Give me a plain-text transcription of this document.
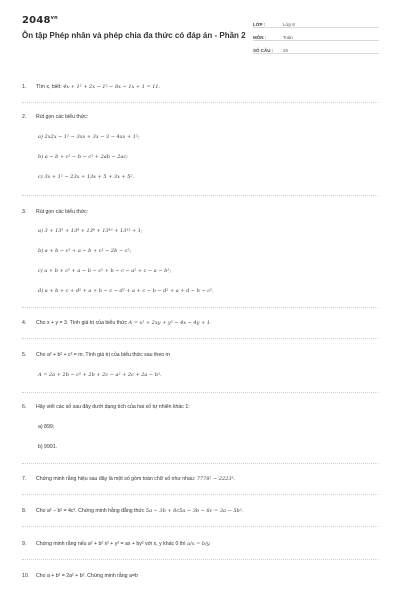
$2048^{vn}$
Ôn tập Phép nhân và phép chia đa thức có đáp án - Phần 2
LỚP :	Lớp 8
MÔN :	Toán
SỐ CÂU :	25
1. Tìm x, biết: 4x + 1² + 2x − 1² − 8x − 1x + 1 = 11.
2. Rút gọn các biểu thức:
a) 2x2x − 1² − 3xx + 3x − 3 − 4xx + 1²;
b) a − b + c² − b − c² + 2ab − 2ac;
c) 3x + 1² − 23x + 13x + 5 + 3x + 5².
3. Rút gọn các biểu thức:
a) 3 + 13² + 13⁴ + 13⁸ + 13¹⁶ + 13³² + 1;
b) a + b − c² + a − b + c² − 2b − c²;
c) a + b + c² + a − b − c² + b − c − a² + c − a − b²;
d) a + b + c + d² + a + b − c − d² + a + c − b − d² + a + d − b − c².
4. Cho x + y = 3. Tính giá trị của biểu thức A = x² + 2xy + y² − 4x − 4y + 1.
5. Cho a² + b² + c² = m. Tính giá trị của biểu thức sau theo m
A = 2a + 2b − c² + 2b + 2c − a² + 2c + 2a − b².
6. Hãy viết các số sau đây dưới dạng tích của hai số tự nhiên khác 1:
a) 899;
b) 9991.
7. Chứng minh rằng hiệu sau đây là một số gồm toàn chữ số như nhau: 7778² − 2223².
8. Cho a² − b² = 4c². Chứng minh hằng đẳng thức 5a − 3b + 8c5a − 3b − 8c = 3a − 5b².
9. Chứng minh rằng nếu a² + b² x² + y² = ax + by² với x, y khác 0 thì a/x = b/y.
10. Cho a + b² = 2a² + b². Chứng minh rằng a=b
